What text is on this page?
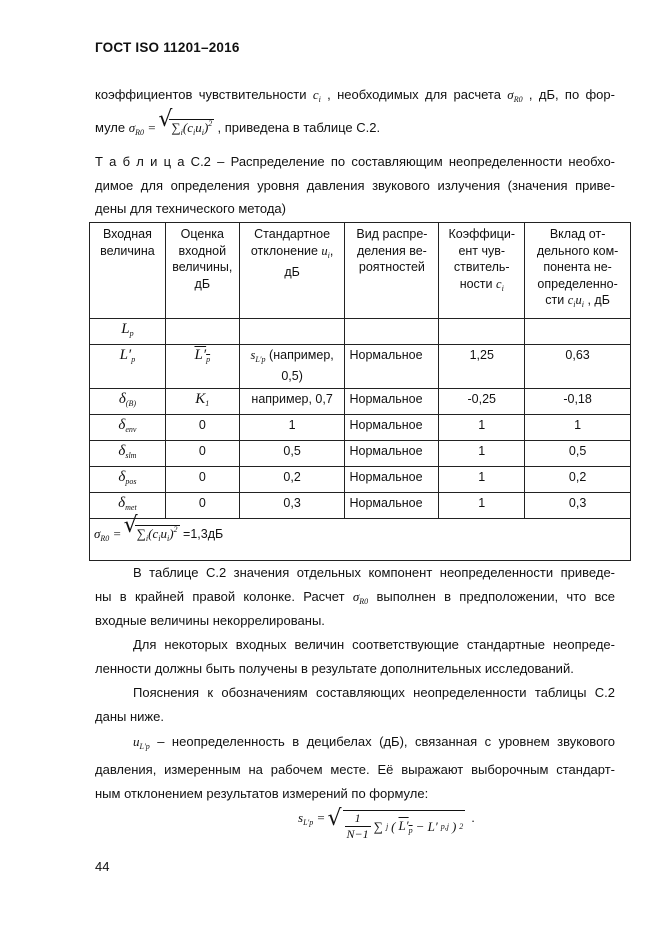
ГОСТ ISO 11201–2016
коэффициентов чувствительности $c_i$ , необходимых для расчета $\sigma_{R0}$ , дБ, по фор-
муле $\sigma_{R0}$ = √ $\sum_i(c_iu_i)^2$ , приведена в таблице С.2.
Т а б л и ц а С.2 – Распределение по составляющим неопределенности необхо-
димое для определения уровня давления звукового излучения (значения приве-
дены для технического метода)
Входная величина	Оценка входной величины, дБ	Стандартное отклонение $u_i$,
дБ	Вид распре-деления ве-роятностей	Коэффици-ент чув-ствитель-ности $c_i$	Вклад от-дельного ком-понента не-определенно-сти $c_iu_i$ , дБ
$L_p$					
$L'_p$	$L'_p$	$s_{L'p}$ (например, 0,5)	Нормальное	1,25	0,63
$\delta_{(B)}$	$K_1$	например, 0,7	Нормальное	-0,25	-0,18
$\delta_{env}$	0	1	Нормальное	1	1
$\delta_{slm}$	0	0,5	Нормальное	1	0,5
$\delta_{pos}$	0	0,2	Нормальное	1	0,2
$\delta_{met}$	0	0,3	Нормальное	1	0,3
$\sigma_{R0}$ = √ $\sum_i(c_iu_i)^2 =1,3дБ$
В таблице С.2 значения отдельных компонент неопределенности приведе-
ны в крайней правой колонке. Расчет $\sigma_{R0}$ выполнен в предположении, что все
входные величины некоррелированы.
Для некоторых входных величин соответствующие стандартные неопреде-
ленности должны быть получены в результате дополнительных исследований.
Пояснения к обозначениям составляющих неопределенности таблицы С.2
даны ниже.
$u_{L'p}$ – неопределенность в децибелах (дБ), связанная с уровнем звукового
давления, измеренным на рабочем месте. Её выражают выборочным стандарт-
ным отклонением результатов измерений по формуле:
$s_{L'p}$ = √ 1
N−1
∑ j ( $L'_p - L'$ p,j ) 2
.
44
